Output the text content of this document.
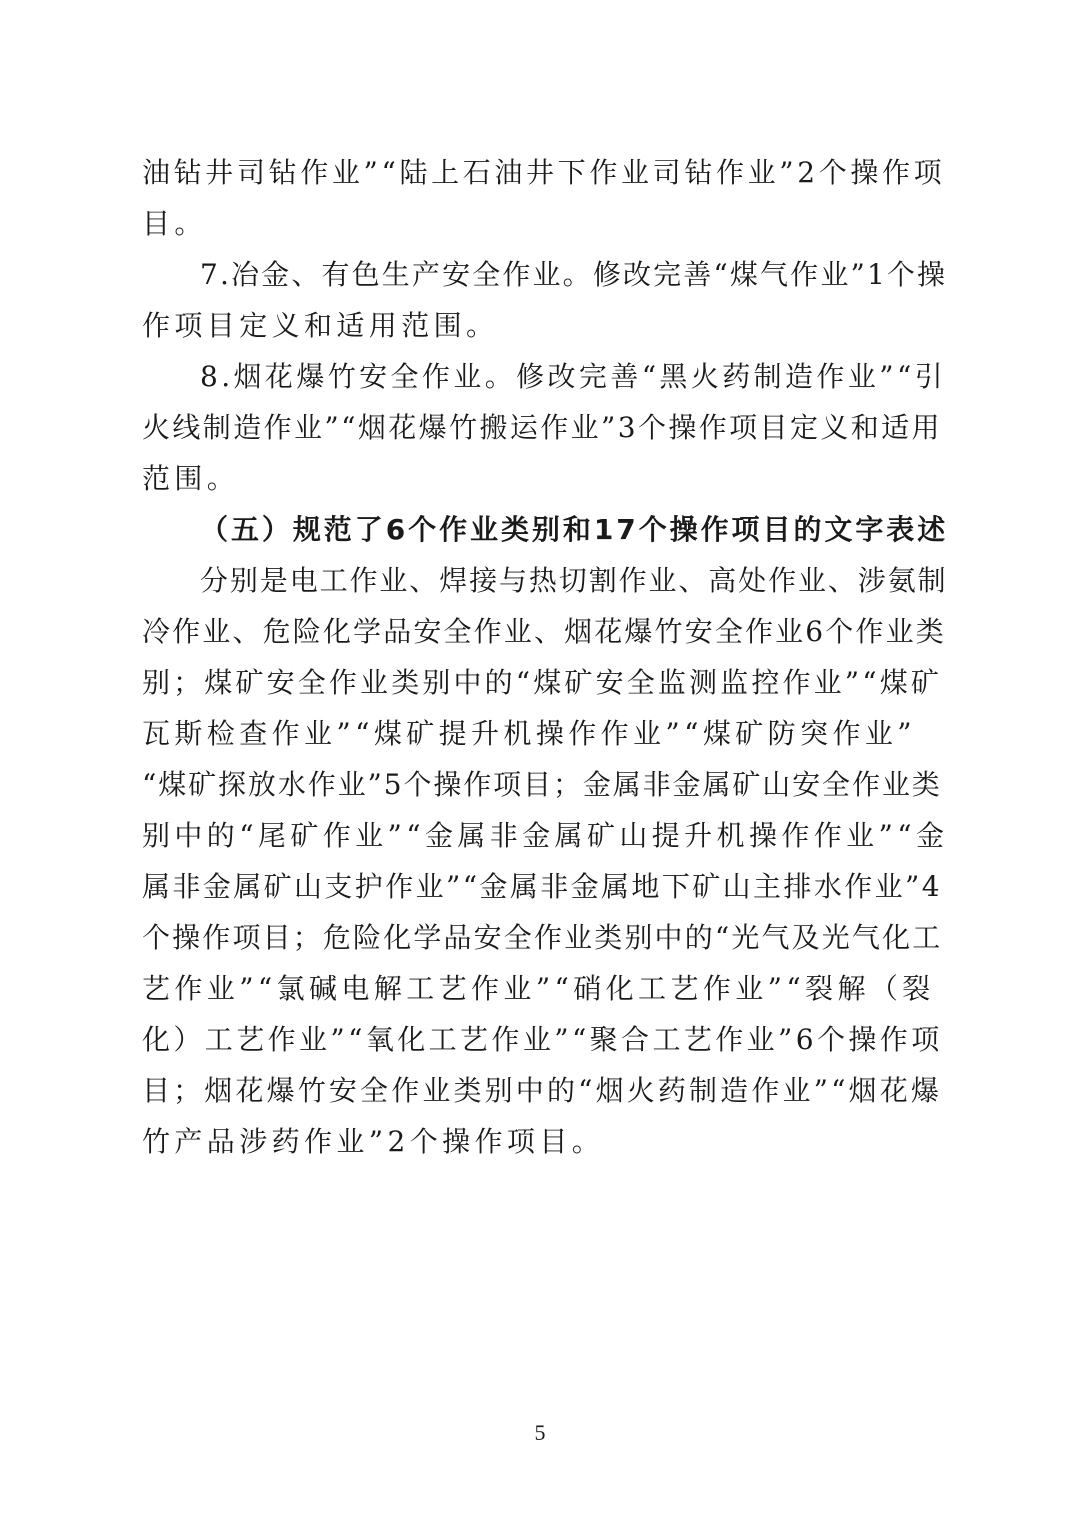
油钻井司钻作业”“陆上石油井下作业司钻作业”2个操作项
目。
7.冶金、有色生产安全作业。修改完善“煤气作业”1个操
作项目定义和适用范围。
8.烟花爆竹安全作业。修改完善“黑火药制造作业”“引
火线制造作业”“烟花爆竹搬运作业”3个操作项目定义和适用
范围。
（五）规范了6个作业类别和17个操作项目的文字表述
分别是电工作业、焊接与热切割作业、高处作业、涉氨制
冷作业、危险化学品安全作业、烟花爆竹安全作业6个作业类
别；煤矿安全作业类别中的“煤矿安全监测监控作业”“煤矿
瓦斯检查作业”“煤矿提升机操作作业”“煤矿防突作业”
“煤矿探放水作业”5个操作项目；金属非金属矿山安全作业类
别中的“尾矿作业”“金属非金属矿山提升机操作作业”“金
属非金属矿山支护作业”“金属非金属地下矿山主排水作业”4
个操作项目；危险化学品安全作业类别中的“光气及光气化工
艺作业”“氯碱电解工艺作业”“硝化工艺作业”“裂解（裂
化）工艺作业”“氧化工艺作业”“聚合工艺作业”6个操作项
目；烟花爆竹安全作业类别中的“烟火药制造作业”“烟花爆
竹产品涉药作业”2个操作项目。
5
